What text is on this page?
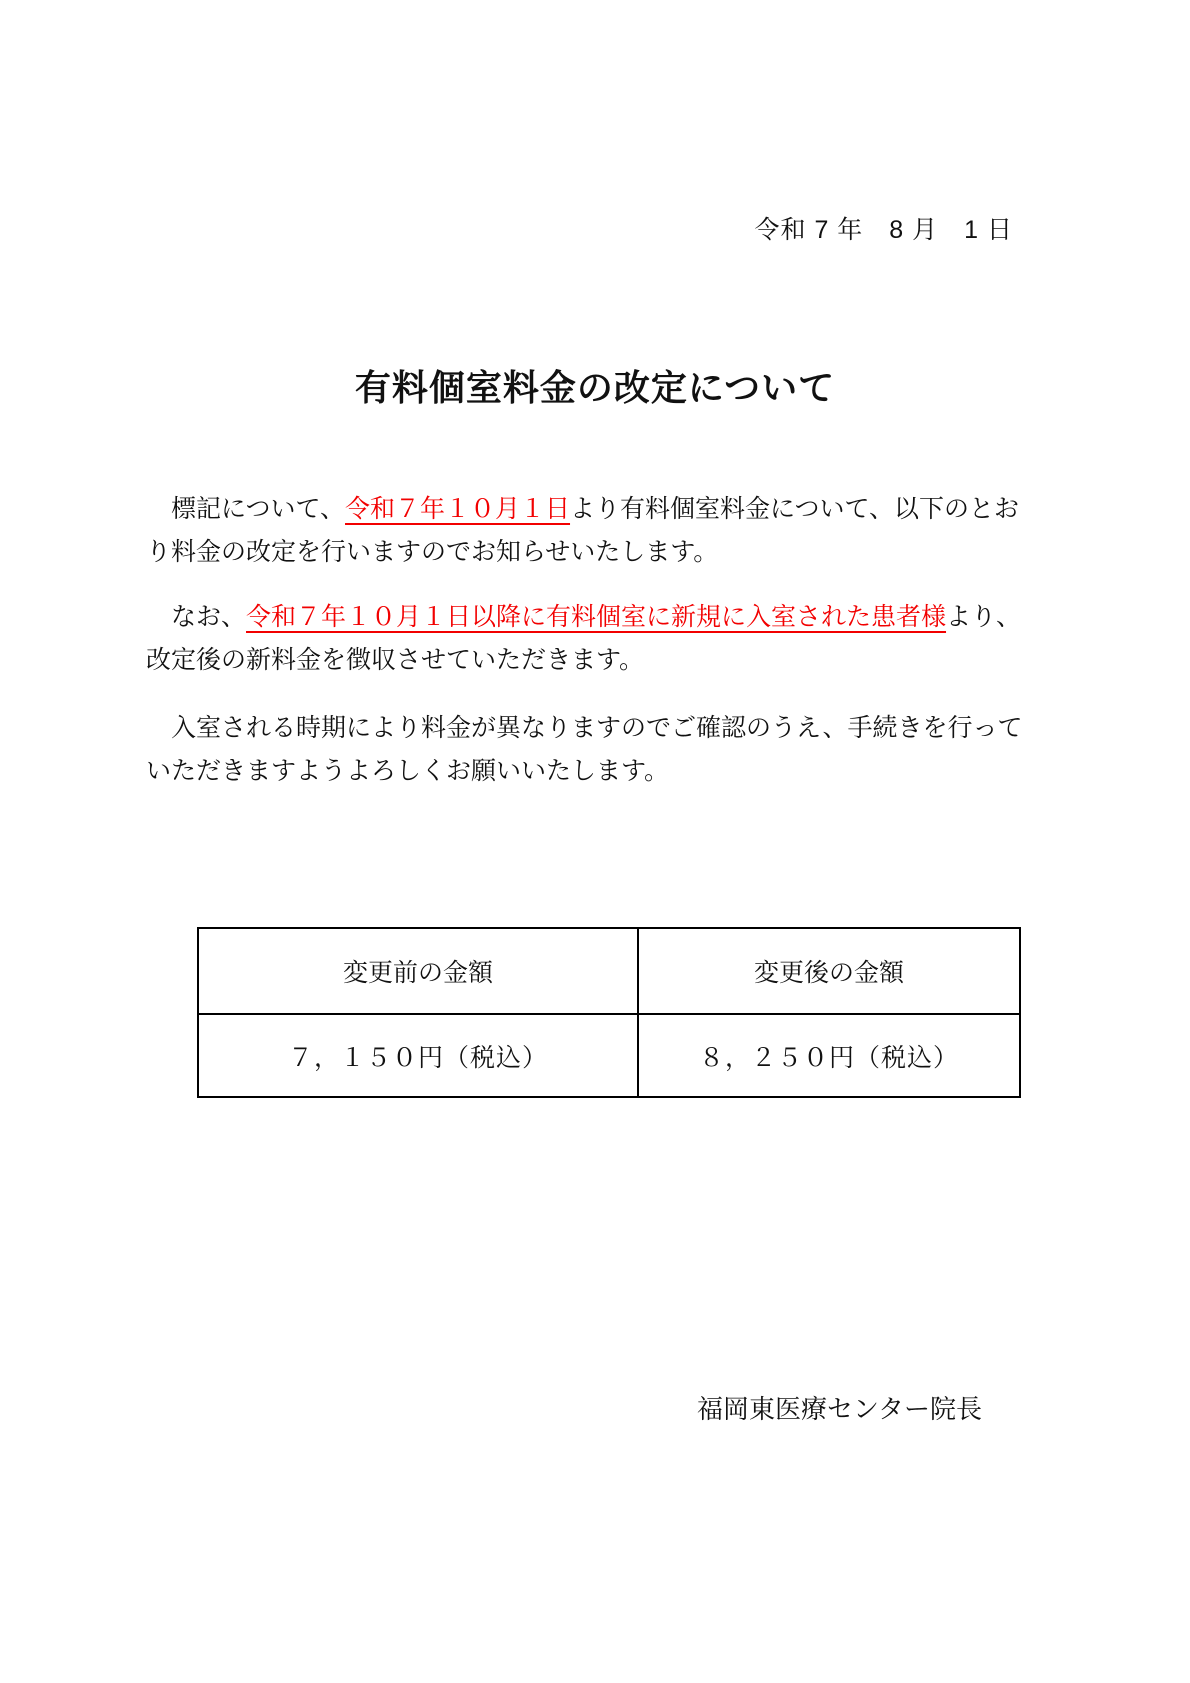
令和 7 年　8 月　1 日
有料個室料金の改定について

標記について、令和７年１０月１日より有料個室料金について、以下のとおり料金の改定を行いますのでお知らせいたします。

なお、令和７年１０月１日以降に有料個室に新規に入室された患者様より、改定後の新料金を徴収させていただきます。

入室される時期により料金が異なりますのでご確認のうえ、手続きを行っていただきますようよろしくお願いいたします。

変更前の金額	変更後の金額
７，１５０円（税込）	８，２５０円（税込）
福岡東医療センター院長
